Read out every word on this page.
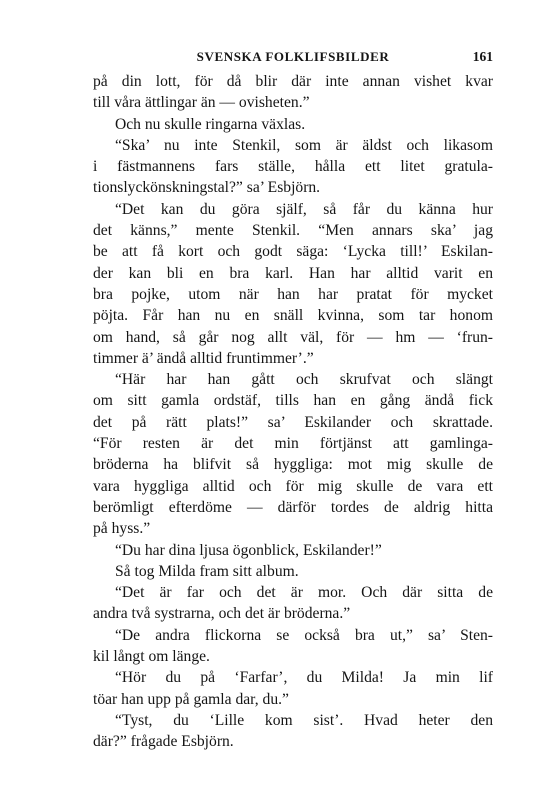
SVENSKA FOLKLIFSBILDER	161
på din lott, för då blir där inte annan vishet kvar
till våra ättlingar än — ovisheten.”
Och nu skulle ringarna växlas.
“Ska’ nu inte Stenkil, som är äldst och likasom
i fästmannens fars ställe, hålla ett litet gratula-
tionslyckönskningstal?” sa’ Esbjörn.
“Det kan du göra själf, så får du känna hur
det känns,” mente Stenkil. “Men annars ska’ jag
be att få kort och godt säga: ‘Lycka till!’ Eskilan-
der kan bli en bra karl. Han har alltid varit en
bra pojke, utom när han har pratat för mycket
pöjta. Får han nu en snäll kvinna, som tar honom
om hand, så går nog allt väl, för — hm — ‘frun-
timmer ä’ ändå alltid fruntimmer’.”
“Här har han gått och skrufvat och slängt
om sitt gamla ordstäf, tills han en gång ändå fick
det på rätt plats!” sa’ Eskilander och skrattade.
“För resten är det min förtjänst att gamlinga-
bröderna ha blifvit så hyggliga: mot mig skulle de
vara hyggliga alltid och för mig skulle de vara ett
berömligt efterdöme — därför tordes de aldrig hitta
på hyss.”
“Du har dina ljusa ögonblick, Eskilander!”
Så tog Milda fram sitt album.
“Det är far och det är mor. Och där sitta de
andra två systrarna, och det är bröderna.”
“De andra flickorna se också bra ut,” sa’ Sten-
kil långt om länge.
“Hör du på ‘Farfar’, du Milda! Ja min lif
töar han upp på gamla dar, du.”
“Tyst, du ‘Lille kom sist’. Hvad heter den
där?” frågade Esbjörn.
